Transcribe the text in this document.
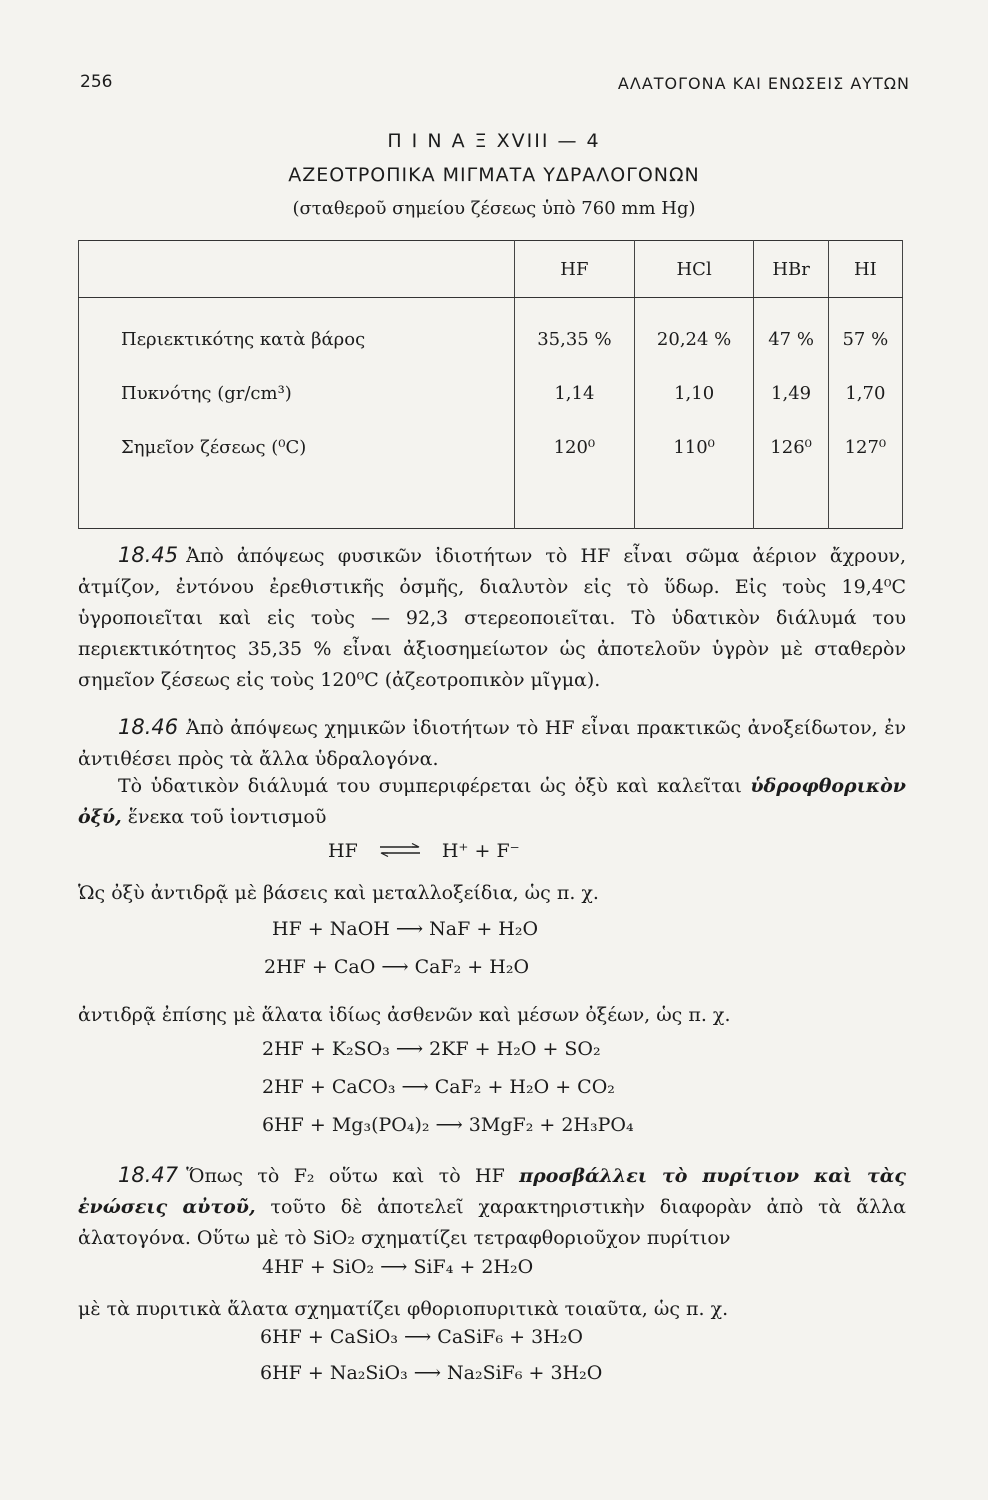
256	ΑΛΑΤΟΓΟΝΑ ΚΑΙ ΕΝΩΣΕΙΣ ΑΥΤΩΝ
Π Ι Ν Α Ξ XVIII — 4
ΑΖΕΟΤΡΟΠΙΚΑ ΜΙΓΜΑΤΑ ΥΔΡΑΛΟΓΟΝΩΝ
(σταθεροῦ σημείου ζέσεως ὑπὸ 760 mm Hg)
	HF	HCl	HBr	HI
Περιεκτικότης κατὰ βάρος	35,35 %	20,24 %	47 %	57 %
Πυκνότης (gr/cm³)	1,14	1,10	1,49	1,70
Σημεῖον ζέσεως (⁰C)	120⁰	110⁰	126⁰	127⁰

18.45 Ἀπὸ ἀπόψεως φυσικῶν ἰδιοτήτων τὸ HF εἶναι σῶμα ἀέριον ἄχρουν, ἀτμίζον, ἐντόνου ἐρεθιστικῆς ὀσμῆς, διαλυτὸν εἰς τὸ ὕδωρ. Εἰς τοὺς 19,4⁰C ὑγροποιεῖται καὶ εἰς τοὺς — 92,3 στερεοποιεῖται. Τὸ ὑδατικὸν διάλυμά του περιεκτικότητος 35,35 % εἶναι ἀξιοσημείωτον ὡς ἀποτελοῦν ὑγρὸν μὲ σταθερὸν σημεῖον ζέσεως εἰς τοὺς 120⁰C (ἀζεοτροπικὸν μῖγμα).
18.46 Ἀπὸ ἀπόψεως χημικῶν ἰδιοτήτων τὸ HF εἶναι πρακτικῶς ἀνοξείδωτον, ἐν ἀντιθέσει πρὸς τὰ ἄλλα ὑδραλογόνα.
Τὸ ὑδατικὸν διάλυμά του συμπεριφέρεται ὡς ὀξὺ καὶ καλεῖται ὑδροφθορικὸν ὀξύ, ἕνεκα τοῦ ἰοντισμοῦ
HF ⇌ H⁺ + F⁻
Ὡς ὀξὺ ἀντιδρᾷ μὲ βάσεις καὶ μεταλλοξείδια, ὡς π. χ.
HF + NaOH ⟶ NaF + H₂O
2HF + CaO ⟶ CaF₂ + H₂O
ἀντιδρᾷ ἐπίσης μὲ ἅλατα ἰδίως ἀσθενῶν καὶ μέσων ὀξέων, ὡς π. χ.
2HF + K₂SO₃ ⟶ 2KF + H₂O + SO₂
2HF + CaCO₃ ⟶ CaF₂ + H₂O + CO₂
6HF + Mg₃(PO₄)₂ ⟶ 3MgF₂ + 2H₃PO₄
18.47 Ὅπως τὸ F₂ οὕτω καὶ τὸ HF προσβάλλει τὸ πυρίτιον καὶ τὰς ἐνώσεις αὐτοῦ, τοῦτο δὲ ἀποτελεῖ χαρακτηριστικὴν διαφορὰν ἀπὸ τὰ ἄλλα ἀλατογόνα. Οὕτω μὲ τὸ SiO₂ σχηματίζει τετραφθοριοῦχον πυρίτιον
4HF + SiO₂ ⟶ SiF₄ + 2H₂O
μὲ τὰ πυριτικὰ ἅλατα σχηματίζει φθοριοπυριτικὰ τοιαῦτα, ὡς π. χ.
6HF + CaSiO₃ ⟶ CaSiF₆ + 3H₂O
6HF + Na₂SiO₃ ⟶ Na₂SiF₆ + 3H₂O
